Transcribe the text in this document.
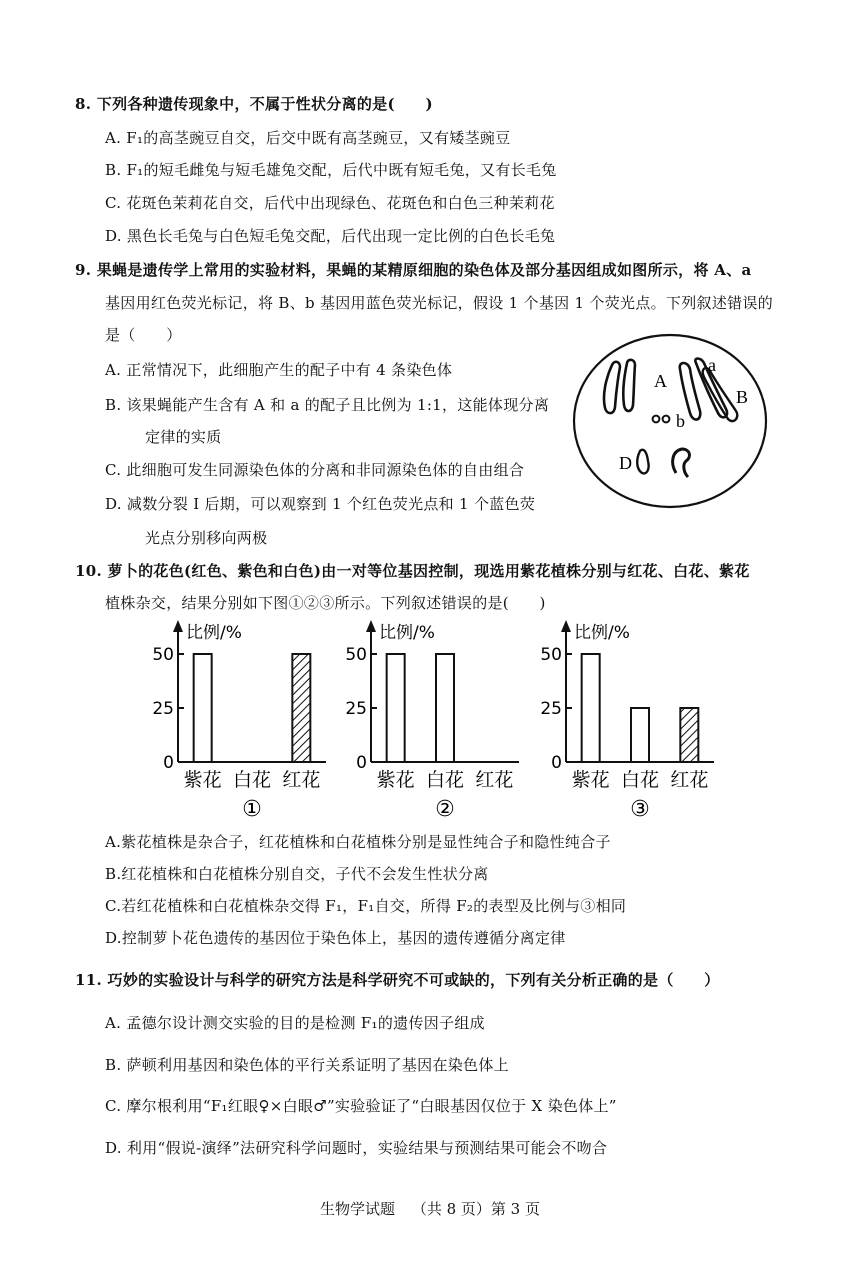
8. 下列各种遗传现象中，不属于性状分离的是(　　)
A. F₁的高茎豌豆自交，后交中既有高茎豌豆，又有矮茎豌豆
B. F₁的短毛雌兔与短毛雄兔交配，后代中既有短毛兔，又有长毛兔
C. 花斑色茉莉花自交，后代中出现绿色、花斑色和白色三种茉莉花
D. 黑色长毛兔与白色短毛兔交配，后代出现一定比例的白色长毛兔
9. 果蝇是遗传学上常用的实验材料，果蝇的某精原细胞的染色体及部分基因组成如图所示，将 A、a
基因用红色荧光标记，将 B、b 基因用蓝色荧光标记，假设 1 个基因 1 个荧光点。下列叙述错误的
是（　　）
A. 正常情况下，此细胞产生的配子中有 4 条染色体
B. 该果蝇能产生含有 A 和 a 的配子且比例为 1:1，这能体现分离
定律的实质
C. 此细胞可发生同源染色体的分离和非同源染色体的自由组合
D. 减数分裂 I 后期，可以观察到 1 个红色荧光点和 1 个蓝色荧
光点分别移向两极
A
a
B
b
D
10. 萝卜的花色(红色、紫色和白色)由一对等位基因控制，现选用紫花植株分别与红花、白花、紫花
植株杂交，结果分别如下图①②③所示。下列叙述错误的是(　　)
比例/%
0
25
50
紫花 白花 红花
①
比例/%
0
25
50
紫花 白花 红花
②
比例/%
0
25
50
紫花 白花 红花
③
A.紫花植株是杂合子，红花植株和白花植株分别是显性纯合子和隐性纯合子
B.红花植株和白花植株分别自交，子代不会发生性状分离
C.若红花植株和白花植株杂交得 F₁，F₁自交，所得 F₂的表型及比例与③相同
D.控制萝卜花色遗传的基因位于染色体上，基因的遗传遵循分离定律
11. 巧妙的实验设计与科学的研究方法是科学研究不可或缺的，下列有关分析正确的是（　　）
A. 孟德尔设计测交实验的目的是检测 F₁的遗传因子组成
B. 萨顿利用基因和染色体的平行关系证明了基因在染色体上
C. 摩尔根利用“F₁红眼♀×白眼♂”实验验证了“白眼基因仅位于 X 染色体上”
D. 利用“假说-演绎”法研究科学问题时，实验结果与预测结果可能会不吻合
生物学试题 （共 8 页）第 3 页
